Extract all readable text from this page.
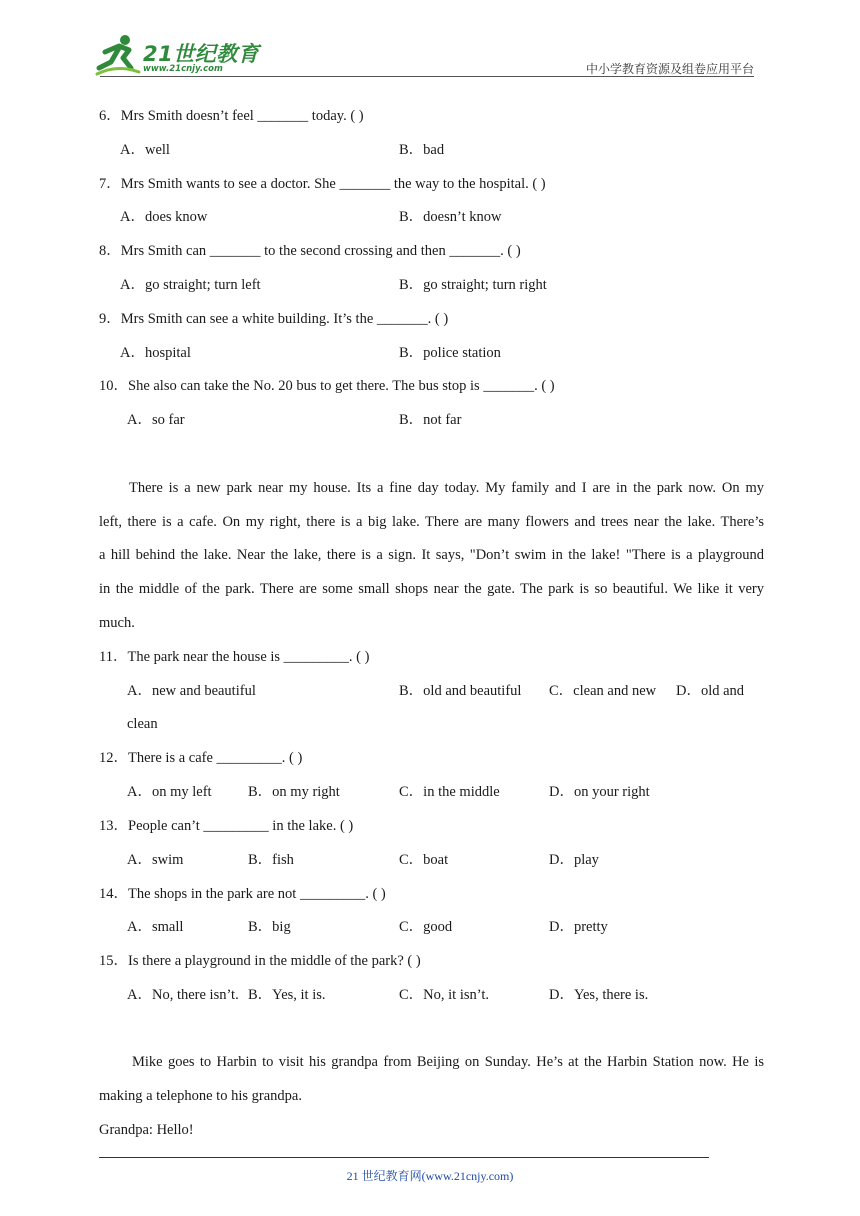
21世纪教育
www.21cnjy.com	中小学教育资源及组卷应用平台
6．Mrs Smith doesn’t feel _______ today. ( )
A．well	B．bad
7．Mrs Smith wants to see a doctor. She _______ the way to the hospital. ( )
A．does know	B．doesn’t know
8．Mrs Smith can _______ to the second crossing and then _______. ( )
A．go straight; turn left	B．go straight; turn right
9．Mrs Smith can see a white building. It’s the _______. ( )
A．hospital	B．police station
10．She also can take the No. 20 bus to get there. The bus stop is _______. ( )
A．so far	B．not far
There is a new park near my house. Its a fine day today. My family and I are in the park now. On my
left, there is a cafe. On my right, there is a big lake. There are many flowers and trees near the lake. There’s
a hill behind the lake. Near the lake, there is a sign. It says, "Don’t swim in the lake! "There is a playground
in the middle of the park. There are some small shops near the gate. The park is so beautiful. We like it very
much.
11．The park near the house is _________. ( )
A．new and beautiful	B．old and beautiful C．clean and new D．old and
clean
12．There is a cafe _________. ( )
A．on my left	B．on my right	C．in the middle	D．on your right
13．People can’t _________ in the lake. ( )
A．swim	B．fish	C．boat	D．play
14．The shops in the park are not _________. ( )
A．small	B．big	C．good	D．pretty
15．Is there a playground in the middle of the park? ( )
A．No, there isn’t. B．Yes, it is.	C．No, it isn’t.	D．Yes, there is.
Mike goes to Harbin to visit his grandpa from Beijing on Sunday. He’s at the Harbin Station now. He is
making a telephone to his grandpa.
Grandpa: Hello!
21 世纪教育网(www.21cnjy.com)
